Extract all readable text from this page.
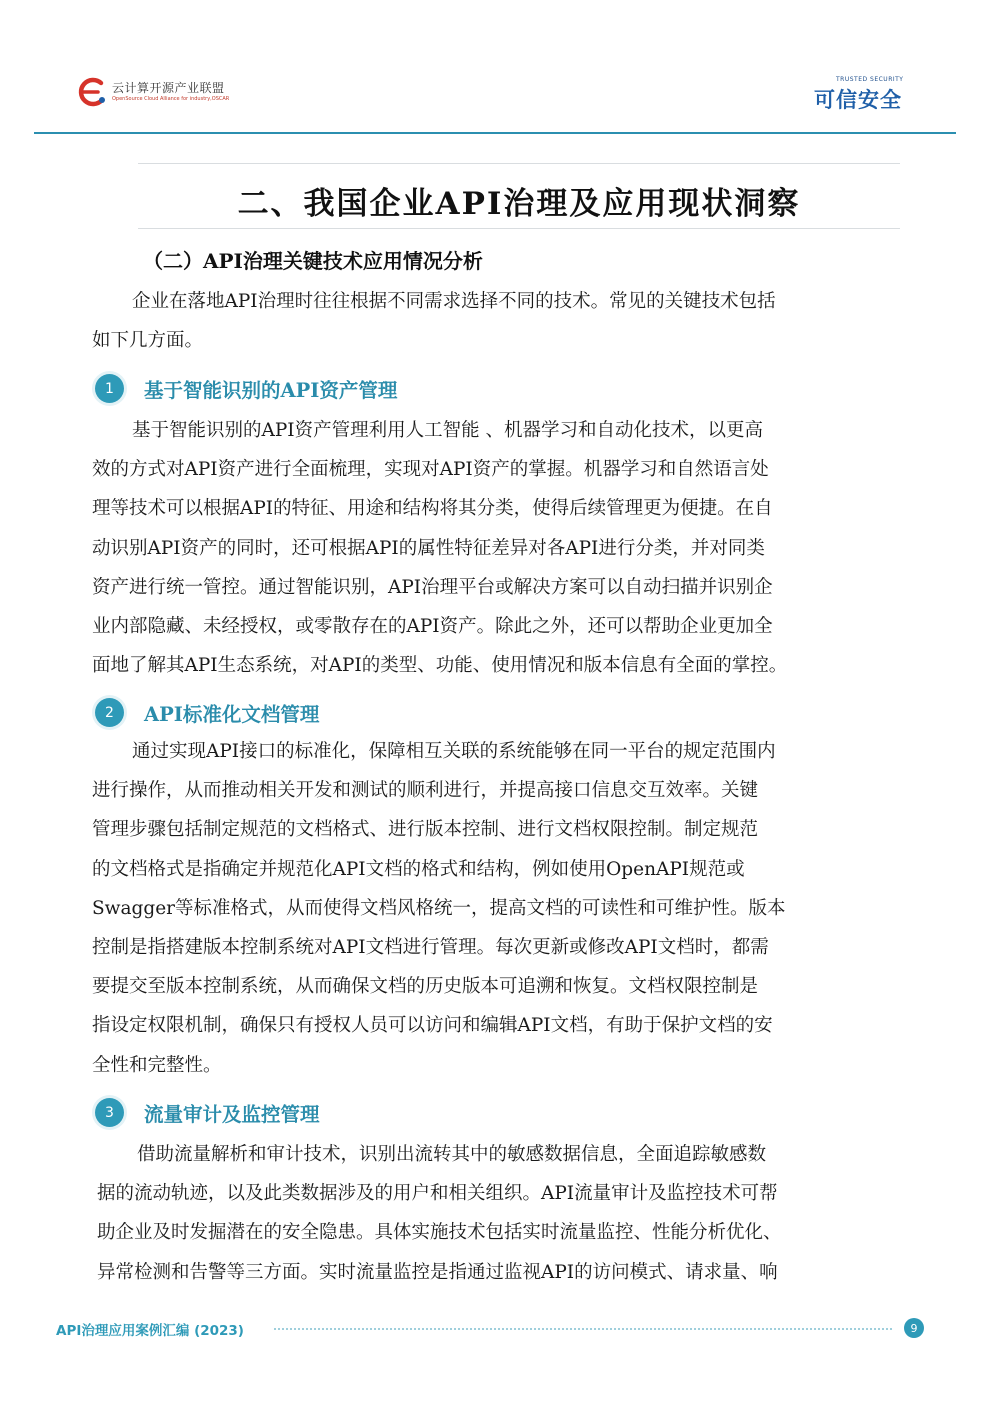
云计算开源产业联盟
OpenSource Cloud Alliance for industry,OSCAR
TRUSTED SECURITY
可信安全
二、我国企业API治理及应用现状洞察
（二）API治理关键技术应用情况分析
企业在落地API治理时往往根据不同需求选择不同的技术。常见的关键技术包括
如下几方面。
1	基于智能识别的API资产管理
基于智能识别的API资产管理利用人工智能 、机器学习和自动化技术，以更高
效的方式对API资产进行全面梳理，实现对API资产的掌握。机器学习和自然语言处
理等技术可以根据API的特征、用途和结构将其分类，使得后续管理更为便捷。在自
动识别API资产的同时，还可根据API的属性特征差异对各API进行分类，并对同类
资产进行统一管控。通过智能识别，API治理平台或解决方案可以自动扫描并识别企
业内部隐藏、未经授权，或零散存在的API资产。除此之外，还可以帮助企业更加全
面地了解其API生态系统，对API的类型、功能、使用情况和版本信息有全面的掌控。
2	API标准化文档管理
通过实现API接口的标准化，保障相互关联的系统能够在同一平台的规定范围内
进行操作，从而推动相关开发和测试的顺利进行，并提高接口信息交互效率。关键
管理步骤包括制定规范的文档格式、进行版本控制、进行文档权限控制。制定规范
的文档格式是指确定并规范化API文档的格式和结构，例如使用OpenAPI规范或
Swagger等标准格式，从而使得文档风格统一，提高文档的可读性和可维护性。版本
控制是指搭建版本控制系统对API文档进行管理。每次更新或修改API文档时，都需
要提交至版本控制系统，从而确保文档的历史版本可追溯和恢复。文档权限控制是
指设定权限机制，确保只有授权人员可以访问和编辑API文档，有助于保护文档的安
全性和完整性。
3	流量审计及监控管理
借助流量解析和审计技术，识别出流转其中的敏感数据信息，全面追踪敏感数
据的流动轨迹，以及此类数据涉及的用户和相关组织。API流量审计及监控技术可帮
助企业及时发掘潜在的安全隐患。具体实施技术包括实时流量监控、性能分析优化、
异常检测和告警等三方面。实时流量监控是指通过监视API的访问模式、请求量、响
API治理应用案例汇编 (2023)	9
